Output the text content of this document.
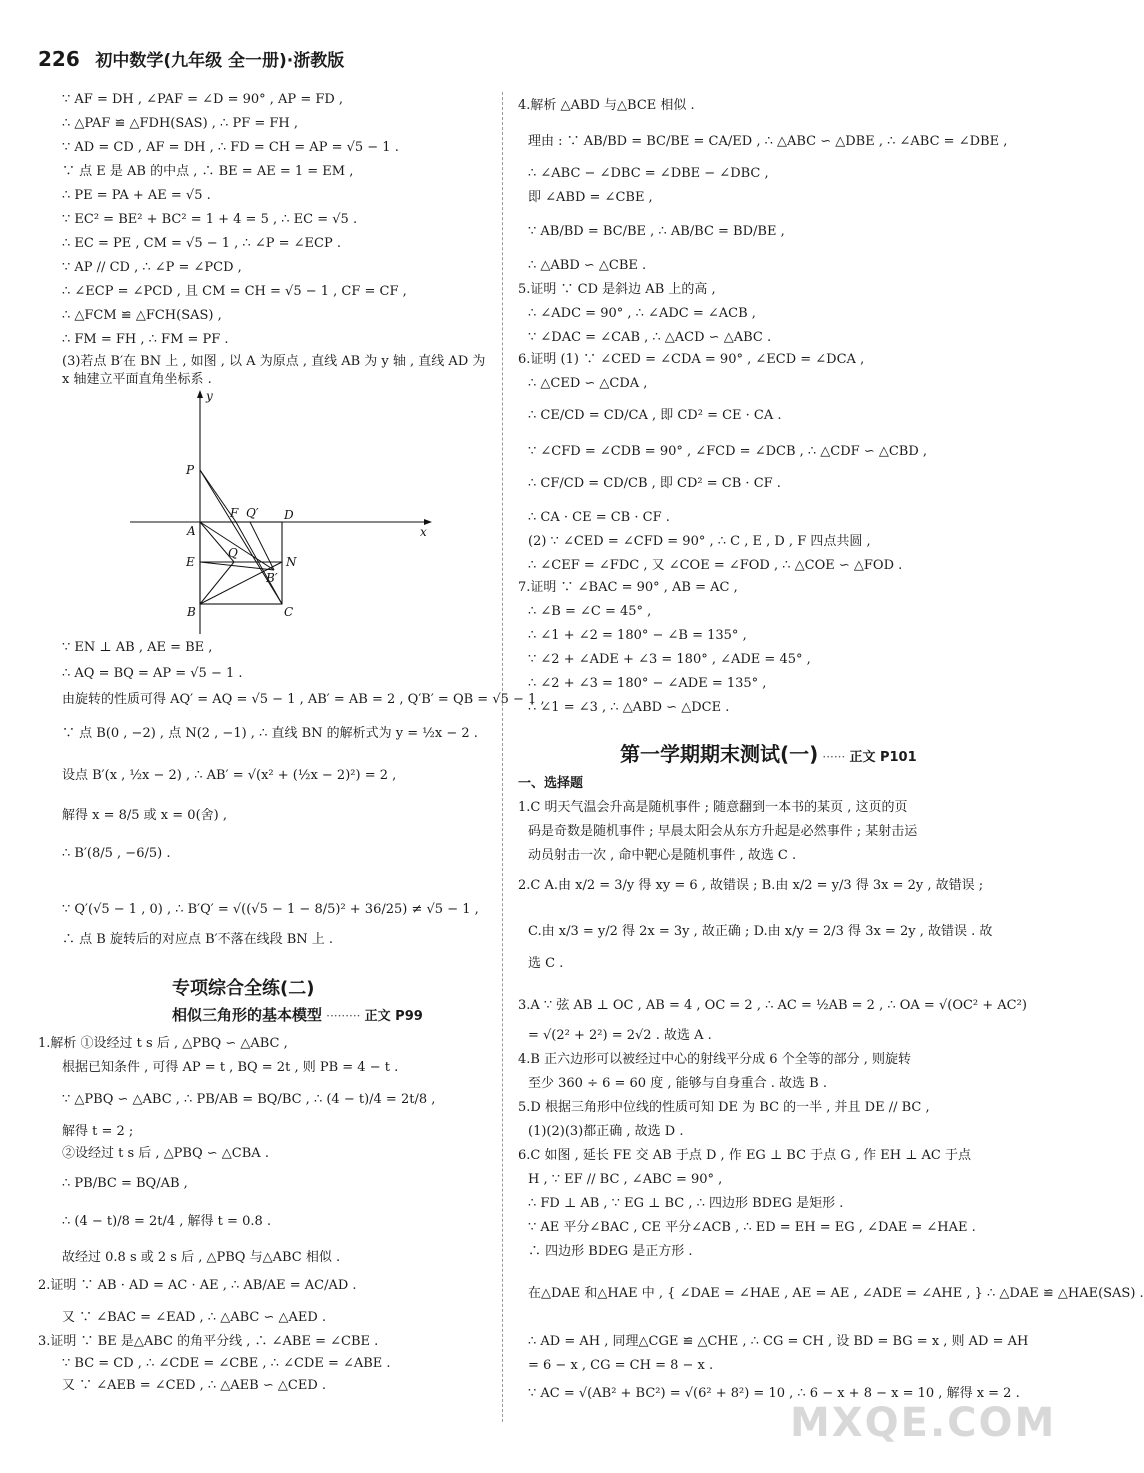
226 初中数学(九年级 全一册)·浙教版
∵ AF = DH , ∠PAF = ∠D = 90° , AP = FD ,
∴ △PAF ≌ △FDH(SAS) , ∴ PF = FH ,
∵ AD = CD , AF = DH , ∴ FD = CH = AP = √5 − 1 .
∵ 点 E 是 AB 的中点 , ∴ BE = AE = 1 = EM ,
∴ PE = PA + AE = √5 .
∵ EC² = BE² + BC² = 1 + 4 = 5 , ∴ EC = √5 .
∴ EC = PE , CM = √5 − 1 , ∴ ∠P = ∠ECP .
∵ AP // CD , ∴ ∠P = ∠PCD ,
∴ ∠ECP = ∠PCD , 且 CM = CH = √5 − 1 , CF = CF ,
∴ △FCM ≌ △FCH(SAS) ,
∴ FM = FH , ∴ FM = PF .
(3)若点 B′在 BN 上 , 如图 , 以 A 为原点 , 直线 AB 为 y 轴 , 直线 AD 为
x 轴建立平面直角坐标系 .
∵ EN ⊥ AB , AE = BE ,
∴ AQ = BQ = AP = √5 − 1 .
由旋转的性质可得 AQ′ = AQ = √5 − 1 , AB′ = AB = 2 , Q′B′ = QB = √5 − 1 ,
∵ 点 B(0 , −2) , 点 N(2 , −1) , ∴ 直线 BN 的解析式为 y = ½x − 2 .
设点 B′(x , ½x − 2) , ∴ AB′ = √(x² + (½x − 2)²) = 2 ,
解得 x = 8/5 或 x = 0(舍) ,
∴ B′(8/5 , −6/5) .
∵ Q′(√5 − 1 , 0) , ∴ B′Q′ = √((√5 − 1 − 8/5)² + 36/25) ≠ √5 − 1 ,
∴ 点 B 旋转后的对应点 B′不落在线段 BN 上 .
专项综合全练(二)
相似三角形的基本模型 ········· 正文 P99
1.解析 ①设经过 t s 后 , △PBQ ∽ △ABC ,
根据已知条件 , 可得 AP = t , BQ = 2t , 则 PB = 4 − t .
∵ △PBQ ∽ △ABC , ∴ PB/AB = BQ/BC , ∴ (4 − t)/4 = 2t/8 ,
解得 t = 2 ;
②设经过 t s 后 , △PBQ ∽ △CBA .
∴ PB/BC = BQ/AB ,
∴ (4 − t)/8 = 2t/4 , 解得 t = 0.8 .
故经过 0.8 s 或 2 s 后 , △PBQ 与△ABC 相似 .
2.证明 ∵ AB · AD = AC · AE , ∴ AB/AE = AC/AD .
又 ∵ ∠BAC = ∠EAD , ∴ △ABC ∽ △AED .
3.证明 ∵ BE 是△ABC 的角平分线 , ∴ ∠ABE = ∠CBE .
∵ BC = CD , ∴ ∠CDE = ∠CBE , ∴ ∠CDE = ∠ABE .
又 ∵ ∠AEB = ∠CED , ∴ △AEB ∽ △CED .
y
x
P
F Q′ D
A
Q
E	N
B′
B	C
4.解析 △ABD 与△BCE 相似 .
理由 : ∵ AB/BD = BC/BE = CA/ED , ∴ △ABC ∽ △DBE , ∴ ∠ABC = ∠DBE ,
∴ ∠ABC − ∠DBC = ∠DBE − ∠DBC ,
即 ∠ABD = ∠CBE ,
∵ AB/BD = BC/BE , ∴ AB/BC = BD/BE ,
∴ △ABD ∽ △CBE .
5.证明 ∵ CD 是斜边 AB 上的高 ,
∴ ∠ADC = 90° , ∴ ∠ADC = ∠ACB ,
∵ ∠DAC = ∠CAB , ∴ △ACD ∽ △ABC .
6.证明 (1) ∵ ∠CED = ∠CDA = 90° , ∠ECD = ∠DCA ,
∴ △CED ∽ △CDA ,
∴ CE/CD = CD/CA , 即 CD² = CE · CA .
∵ ∠CFD = ∠CDB = 90° , ∠FCD = ∠DCB , ∴ △CDF ∽ △CBD ,
∴ CF/CD = CD/CB , 即 CD² = CB · CF .
∴ CA · CE = CB · CF .
(2) ∵ ∠CED = ∠CFD = 90° , ∴ C , E , D , F 四点共圆 ,
∴ ∠CEF = ∠FDC , 又 ∠COE = ∠FOD , ∴ △COE ∽ △FOD .
7.证明 ∵ ∠BAC = 90° , AB = AC ,
∴ ∠B = ∠C = 45° ,
∴ ∠1 + ∠2 = 180° − ∠B = 135° ,
∵ ∠2 + ∠ADE + ∠3 = 180° , ∠ADE = 45° ,
∴ ∠2 + ∠3 = 180° − ∠ADE = 135° ,
∴ ∠1 = ∠3 , ∴ △ABD ∽ △DCE .
第一学期期末测试(一) ······ 正文 P101
一、选择题
1.C 明天气温会升高是随机事件 ; 随意翻到一本书的某页 , 这页的页
码是奇数是随机事件 ; 早晨太阳会从东方升起是必然事件 ; 某射击运
动员射击一次 , 命中靶心是随机事件 , 故选 C .
2.C A.由 x/2 = 3/y 得 xy = 6 , 故错误 ; B.由 x/2 = y/3 得 3x = 2y , 故错误 ;
C.由 x/3 = y/2 得 2x = 3y , 故正确 ; D.由 x/y = 2/3 得 3x = 2y , 故错误 . 故
选 C .
3.A ∵ 弦 AB ⊥ OC , AB = 4 , OC = 2 , ∴ AC = ½AB = 2 , ∴ OA = √(OC² + AC²)
= √(2² + 2²) = 2√2 . 故选 A .
4.B 正六边形可以被经过中心的射线平分成 6 个全等的部分 , 则旋转
至少 360 ÷ 6 = 60 度 , 能够与自身重合 . 故选 B .
5.D 根据三角形中位线的性质可知 DE 为 BC 的一半 , 并且 DE // BC ,
(1)(2)(3)都正确 , 故选 D .
6.C 如图 , 延长 FE 交 AB 于点 D , 作 EG ⊥ BC 于点 G , 作 EH ⊥ AC 于点
H , ∵ EF // BC , ∠ABC = 90° ,
∴ FD ⊥ AB , ∵ EG ⊥ BC , ∴ 四边形 BDEG 是矩形 .
∵ AE 平分∠BAC , CE 平分∠ACB , ∴ ED = EH = EG , ∠DAE = ∠HAE .
∴ 四边形 BDEG 是正方形 .
在△DAE 和△HAE 中 , { ∠DAE = ∠HAE , AE = AE , ∠ADE = ∠AHE , } ∴ △DAE ≌ △HAE(SAS) .
∴ AD = AH , 同理△CGE ≌ △CHE , ∴ CG = CH , 设 BD = BG = x , 则 AD = AH
= 6 − x , CG = CH = 8 − x .
∵ AC = √(AB² + BC²) = √(6² + 8²) = 10 , ∴ 6 − x + 8 − x = 10 , 解得 x = 2 .
MXQE.COM
